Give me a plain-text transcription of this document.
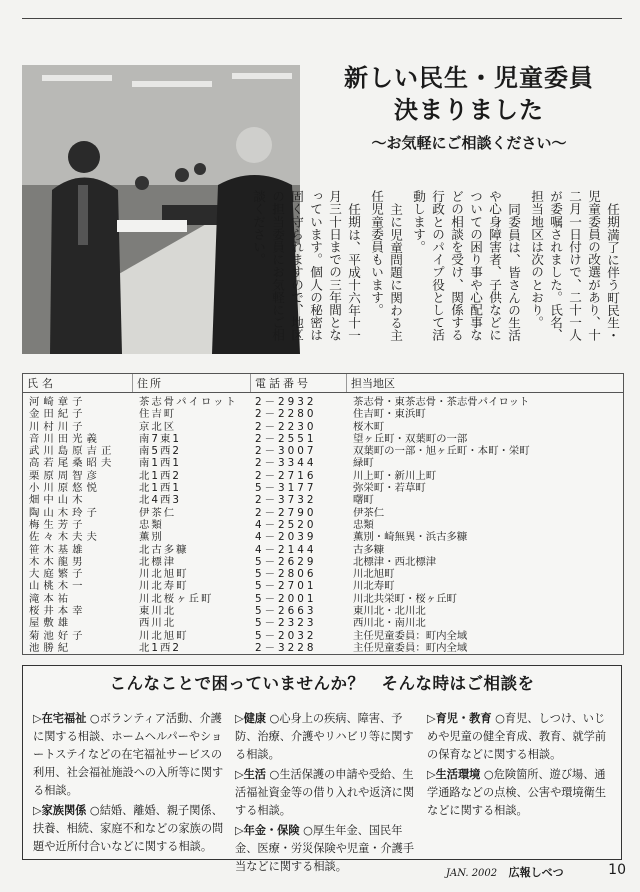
新しい民生・児童委員
決まりました
～お気軽にご相談ください～

任期満了に伴う町民生・児童委員の改選があり、十二月一日付けで、二十一人が委嘱されました。氏名、担当地区は次のとおり。

同委員は、皆さんの生活や心身障害者、子供などについての困り事や心配事などの相談を受け、関係する行政とのパイプ役として活動します。

主に児童問題に関わる主任児童委員もいます。

任期は、平成十六年十一月三十日までの三年間となっています。個人の秘密は固く守られますので、地区の担当委員にお気軽にご相談ください。

氏名	住所	電話番号	担当地区
河崎章子	茶志骨パイロット	2－2932	茶志骨・東茶志骨・茶志骨パイロット
金田紀子	住吉町	2－2280	住吉町・東浜町
川村川子	京北区	2－2230	桜木町
音川田光義	南7東1	2－2551	望ヶ丘町・双葉町の一部
武川島原吉正	南5西2	2－3007	双葉町の一部・旭ヶ丘町・本町・栄町
高若尾桑昭夫	南1西1	2－3344	緑町
栗原周智彦	北1西2	2－2716	川上町・新川上町
小川原悠悦	北1西1	5－3177	弥栄町・若草町
畑中山木	北4西3	2－3732	曙町
陶山木玲子	伊茶仁	2－2790	伊茶仁
梅生芳子	忠類	4－2520	忠類
佐々木夫夫	薫別	4－2039	薫別・崎無異・浜古多糠
笹木基雄	北古多糠	4－2144	古多糠
木木龍男	北標津	5－2629	北標津・西北標津
大庭繁子	川北旭町	5－2806	川北旭町
山桃木一	川北寿町	5－2701	川北寿町
滝本祐	川北桜ヶ丘町	5－2001	川北共栄町・桜ヶ丘町
桜井本幸	東川北	5－2663	東川北・北川北
屋敷雄	西川北	5－2323	西川北・南川北
菊池好子	川北旭町	5－2032	主任児童委員：町内全域
池勝紀	北1西2	2－3228	主任児童委員：町内全域
こんなことで困っていませんか？　そんな時はご相談を
▷在宅福祉 ○ボランティア活動、介護に関する相談、ホームヘルパーやショートステイなどの在宅福祉サービスの利用、社会福祉施設への入所等に関する相談。
▷家族関係 ○結婚、離婚、親子関係、扶養、相続、家庭不和などの家族の問題や近所付合いなどに関する相談。
▷健康 ○心身上の疾病、障害、予防、治療、介護やリハビリ等に関する相談。
▷生活 ○生活保護の申請や受給、生活福祉資金等の借り入れや返済に関する相談。
▷年金・保険 ○厚生年金、国民年金、医療・労災保険や児童・介護手当などに関する相談。
▷育児・教育 ○育児、しつけ、いじめや児童の健全育成、教育、就学前の保育などに関する相談。
▷生活環境 ○危険箇所、遊び場、通学通路などの点検、公害や環境衛生などに関する相談。
JAN. 2002 広報しべつ	10
